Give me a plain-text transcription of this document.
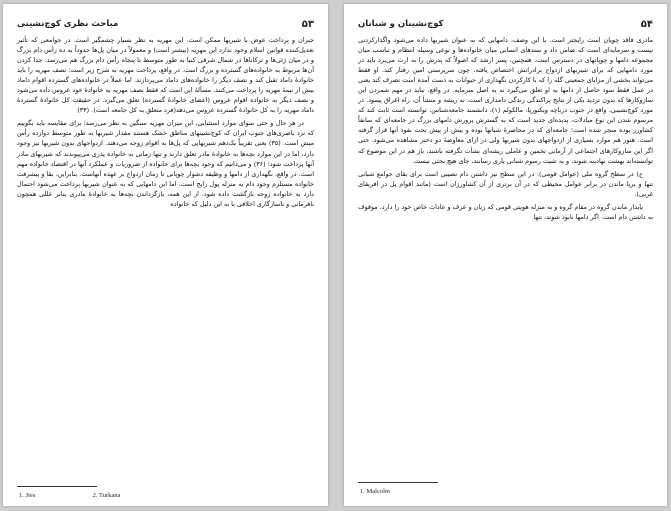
مباحث نظری کوچ‌نشینی	۵۳

جبران و پرداخت عوض با شیربها ممکن است. این مهریه به نظر بسیار چشمگیر است. در جوامعی که تأثیر تعدیل‌کننده قوانین اسلام وجود ندارد این مهریه (بیشتر است) و معمولاً در میان پل‌ها حدوداً به ده رأس دام بزرگ و در میان ژئی‌ها و ترکاناها در شمال شرقی کنیا به طور متوسط تا پنجاه رأس دام بزرگ هم می‌رسد. جدا کردن آن‌ها مربوط به خانواده‌های گسترده و بزرگ است. در واقع، پرداخت مهریه به شرح زیر است: نصف مهریه را باید خانوادهٔ داماد تقبل کند و نصف دیگر را خانواده‌های داماد می‌پردازند. اما عملاً در خانواده‌های گسترده اقوام داماد بیش از نیمهٔ مهریه را پرداخت می‌کنند. مسألهٔ این است که فقط نصف مهریه به خانوادهٔ خود عروس داده می‌شود و نصف دیگر به خانواده اقوام عروس (اعضای خانوادهٔ گسترده) تعلق می‌گیرد. در حقیقت کل خانوادهٔ گستردهٔ داماد مهریه را به کل خانوادهٔ گسترده عروس می‌دهد(فرد متعلق به کل جامعه است). (۳۴)

در هر حال و حتی سوای موارد استثنایی، این میزان مهریه سنگین به نظر می‌رسد؛ برای مقایسه باید بگوییم که نزد باصری‌های جنوب ایران که کوچ‌نشینهای مناطق خشک هستند مقدار شیربها به طور متوسط دوازده رأس میش است. (۳۵) یعنی تقریباً یک‌دهم شیربهایی که پل‌ها به اقوام زوجه می‌دهند. ازدواجهای بدون شیربها نیز وجود دارد، اما در این موارد بچه‌ها به خانوادهٔ مادر تعلق دارند و تنها زمانی به خانواده پدری می‌پیوندند که شیربهای مادر آنها پرداخت شود؛ (۳۶) و می‌دانیم که وجود بچه‌ها برای خانواده از ضروریات و عملکرد آنها در اقتصاد خانواده مهم است. در واقع، نگهداری از دامها و وظیفه دشوار چوپانی تا زمان ازدواج بر عهده آنهاست. بنابراین، بقا و پیشرفت خانواده مستلزم وجود دام به منزله پول رایج است. اما این دامهایی که به عنوان شیربها پرداخت می‌شود احتمال دارد به خانواده زوجه بازگشت داده شود. از این همه، بازگرداندن بچه‌ها به خانوادهٔ مادری بنابر عللی همچون نافرمانی و ناسازگاری اخلاقی با به این دلیل که خانواده

1. Jies	2. Turkana
کوچ‌نشینان و شبانان	۵۴

مادری فاقد چوپان است رایجتر است. با این وصف، دامهایی که به عنوان شیربها داده می‌شود واگذارکردنی نیست و سرمایه‌ای است که ضامن داد و ستدهای انسانی میان خانواده‌ها و نوعی وسیله انتظام و تناسب میان مجموعه دامها و چوپانهای در دسترس است. همچنین، پسر ارشد که اصولاً که پدرش را به ارث می‌برد باید در مورد دامهایی که برای شیربهای ازدواج برادرانش اختصاص یافته، چون سرپرستی امین رفتار کند. او فقط می‌تواند بخشی از مزایای جمعیتی گله را که با کارکردن نگهداری از حیوانات به دست آمده است تصرف کند یعنی در عمل فقط سود حاصل از دامها به او تعلق می‌گیرد نه به اصل سرمایه. در واقع، نباید در مهم شمردن این سازوکارها که بدون تردید یکی از نتایج پراکندگی زندگی دامداری است، نه ریشه و منشأ آن، راه اغراق پیمود. در مورد کوچ‌نشینی، واقع در جنوب درباچه ویکتوریا، مالکولم (۱)، دانشمند جامعه‌شناس، توانسته است ثابت کند که مرسوم شدن این نوع مبادلات، پدیده‌ای جدید است که به گسترش پرورش دامهای بزرگ در جامعه‌ای که سابقاً کشاورز بوده منجر شده است؛ جامعه‌ای که در محاصرهٔ شبانها بوده و بیش از پیش تحت نفوذ آنها قرار گرفته است. هنوز هم موارد بسیاری از ازدواجهای بدون شیربها ولی در ازای معاوضهٔ دو دختر مشاهده می‌شود. حتی اگر این سازوکارهای اجتماعی از آرمانی تخمین و عاملی ریشه‌ای نشأت نگرفته باشند، باز هم در این موضوع که توانسته‌اند بهشت نهادینه شوند، و به تثبیت رسوم شبانی یاری رسانند، جای هیچ بحثی نیست.

ج) در سطح گروه ملی (عوامل قومی): در این سطح نیز داشتن دام نصیبی است برای بقای جوامع شبانی تنها و برپا ماندن در برابر عوامل محیطی که در آن برتری از آن کشاورزان است (مانند اقوام پل در افریقای غربی).

پایدار ماندن گروه در مقام گروه و به منزله هویتی قومی که زبان و عرف و عادات خاص خود را دارد، موقوف به داشتن دام است. اگر دامها نابود شوند، تنها

1. Malcolm
